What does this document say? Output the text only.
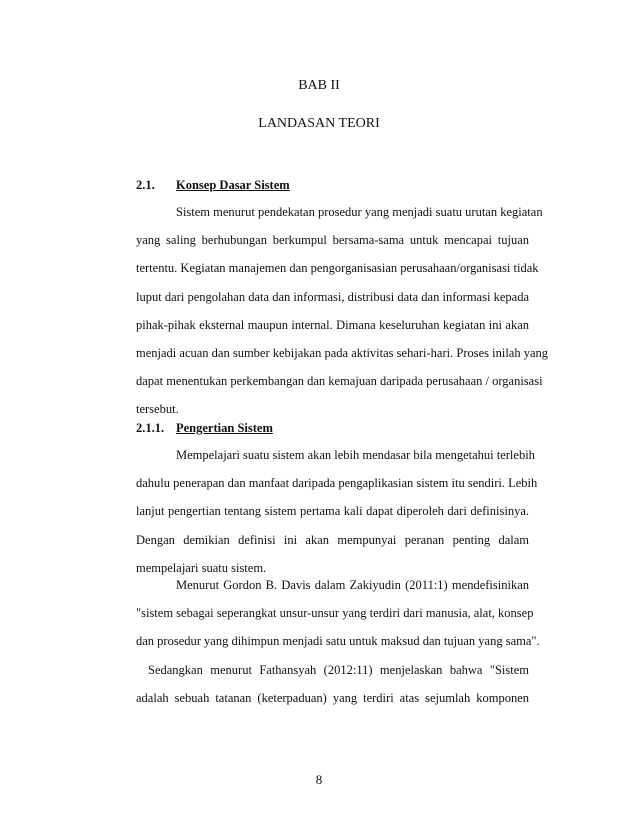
BAB II
LANDASAN TEORI
2.1. Konsep Dasar Sistem
Sistem menurut pendekatan prosedur yang menjadi suatu urutan kegiatan
yang saling berhubungan berkumpul bersama-sama untuk mencapai tujuan
tertentu. Kegiatan manajemen dan pengorganisasian perusahaan/organisasi tidak
luput dari pengolahan data dan informasi, distribusi data dan informasi kepada
pihak-pihak eksternal maupun internal. Dimana keseluruhan kegiatan ini akan
menjadi acuan dan sumber kebijakan pada aktivitas sehari-hari. Proses inilah yang
dapat menentukan perkembangan dan kemajuan daripada perusahaan / organisasi
tersebut.
2.1.1. Pengertian Sistem
Mempelajari suatu sistem akan lebih mendasar bila mengetahui terlebih
dahulu penerapan dan manfaat daripada pengaplikasian sistem itu sendiri. Lebih
lanjut pengertian tentang sistem pertama kali dapat diperoleh dari definisinya.
Dengan demikian definisi ini akan mempunyai peranan penting dalam
mempelajari suatu sistem.
Menurut Gordon B. Davis dalam Zakiyudin (2011:1) mendefisinikan
"sistem sebagai seperangkat unsur-unsur yang terdiri dari manusia, alat, konsep
dan prosedur yang dihimpun menjadi satu untuk maksud dan tujuan yang sama".
Sedangkan menurut Fathansyah (2012:11) menjelaskan bahwa "Sistem
adalah sebuah tatanan (keterpaduan) yang terdiri atas sejumlah komponen
8
